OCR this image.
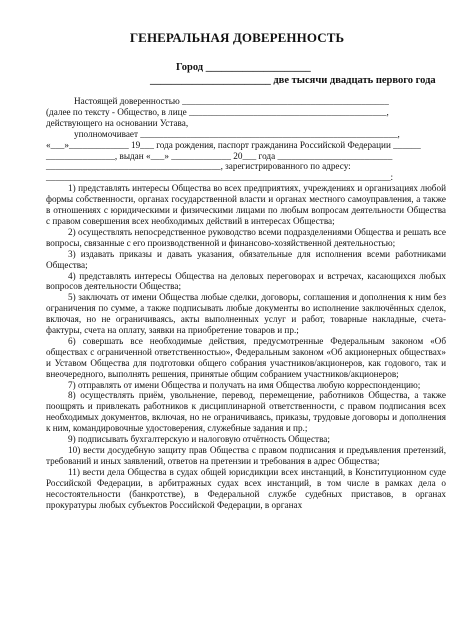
ГЕНЕРАЛЬНАЯ ДОВЕРЕННОСТЬ
Город ____________________
_______________________ две тысячи двадцать первого года
Настоящей доверенностью _____________________________________________
(далее по тексту - Общество, в лице ___________________________________________,
действующего на основании Устава,
уполномочивает ________________________________________________________,
«___»_____________ 19___ года рождения, паспорт гражданина Российской Федерации ______
_______________, выдан «___» _____________ 20___ года _________________________
______________________________________, зарегистрированного по адресу:
___________________________________________________________________________:

1) представлять интересы Общества во всех предприятиях, учреждениях и организациях любой формы собственности, органах государственной власти и органах местного самоуправления, а также в отношениях с юридическими и физическими лицами по любым вопросам деятельности Общества с правом совершения всех необходимых действий в интересах Общества;

2) осуществлять непосредственное руководство всеми подразделениями Общества и решать все вопросы, связанные с его производственной и финансово-хозяйственной деятельностью;

3) издавать приказы и давать указания, обязательные для исполнения всеми работниками Общества;

4) представлять интересы Общества на деловых переговорах и встречах, касающихся любых вопросов деятельности Общества;

5) заключать от имени Общества любые сделки, договоры, соглашения и дополнения к ним без ограничения по сумме, а также подписывать любые документы во исполнение заключённых сделок, включая, но не ограничиваясь, акты выполненных услуг и работ, товарные накладные, счета-фактуры, счета на оплату, заявки на приобретение товаров и пр.;

6) совершать все необходимые действия, предусмотренные Федеральным законом «Об обществах с ограниченной ответственностью», Федеральным законом «Об акционерных обществах» и Уставом Общества для подготовки общего собрания участников/акционеров, как годового, так и внеочередного, выполнять решения, принятые общим собранием участников/акционеров;

7) отправлять от имени Общества и получать на имя Общества любую корреспонденцию;

8) осуществлять приём, увольнение, перевод, перемещение, работников Общества, а также поощрять и привлекать работников к дисциплинарной ответственности, с правом подписания всех необходимых документов, включая, но не ограничиваясь, приказы, трудовые договоры и дополнения к ним, командировочные удостоверения, служебные задания и пр.;

9) подписывать бухгалтерскую и налоговую отчётность Общества;

10) вести досудебную защиту прав Общества с правом подписания и предъявления претензий, требований и иных заявлений, ответов на претензии и требования в адрес Общества;

11) вести дела Общества в судах общей юрисдикции всех инстанций, в Конституционном суде Российской Федерации, в арбитражных судах всех инстанций, в том числе в рамках дела о несостоятельности (банкротстве), в Федеральной службе судебных приставов, в органах прокуратуры любых субъектов Российской Федерации, в органах
